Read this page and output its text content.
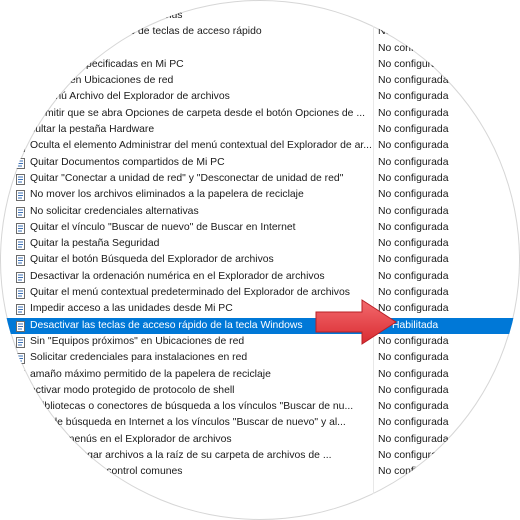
ración de la animación de menús
a opción de subrayado de teclas de acceso rápido	No configurada
S	No configurada
unidades especificadas en Mi PC	No configurada
ompleta en Ubicaciones de red	No configurada
el menú Archivo del Explorador de archivos	No configurada
permitir que se abra Opciones de carpeta desde el botón Opciones de ...	No configurada
cultar la pestaña Hardware	No configurada
Oculta el elemento Administrar del menú contextual del Explorador de ar... No configurada
Quitar Documentos compartidos de Mi PC	No configurada
Quitar "Conectar a unidad de red" y "Desconectar de unidad de red"	No configurada
No mover los archivos eliminados a la papelera de reciclaje	No configurada
No solicitar credenciales alternativas	No configurada
Quitar el vínculo "Buscar de nuevo" de Buscar en Internet	No configurada
Quitar la pestaña Seguridad	No configurada
Quitar el botón Búsqueda del Explorador de archivos	No configurada
Desactivar la ordenación numérica en el Explorador de archivos	No configurada
Quitar el menú contextual predeterminado del Explorador de archivos	No configurada
Impedir acceso a las unidades desde Mi PC	No configurada
Desactivar las teclas de acceso rápido de la tecla Windows	Habilitada
Sin "Equipos próximos" en Ubicaciones de red	No configurada
Solicitar credenciales para instalaciones en red	No configurada
amaño máximo permitido de la papelera de reciclaje	No configurada
activar modo protegido de protocolo de shell	No configurada
r bibliotecas o conectores de búsqueda a los vínculos "Buscar de nu...	No configurada
itios de búsqueda en Internet a los vínculos "Buscar de nuevo" y al...	No configurada
arra de menús en el Explorador de archivos	No configurada
suarios agregar archivos a la raíz de su carpeta de archivos de ...	No configurada
es de ventana y control comunes	No configurada
